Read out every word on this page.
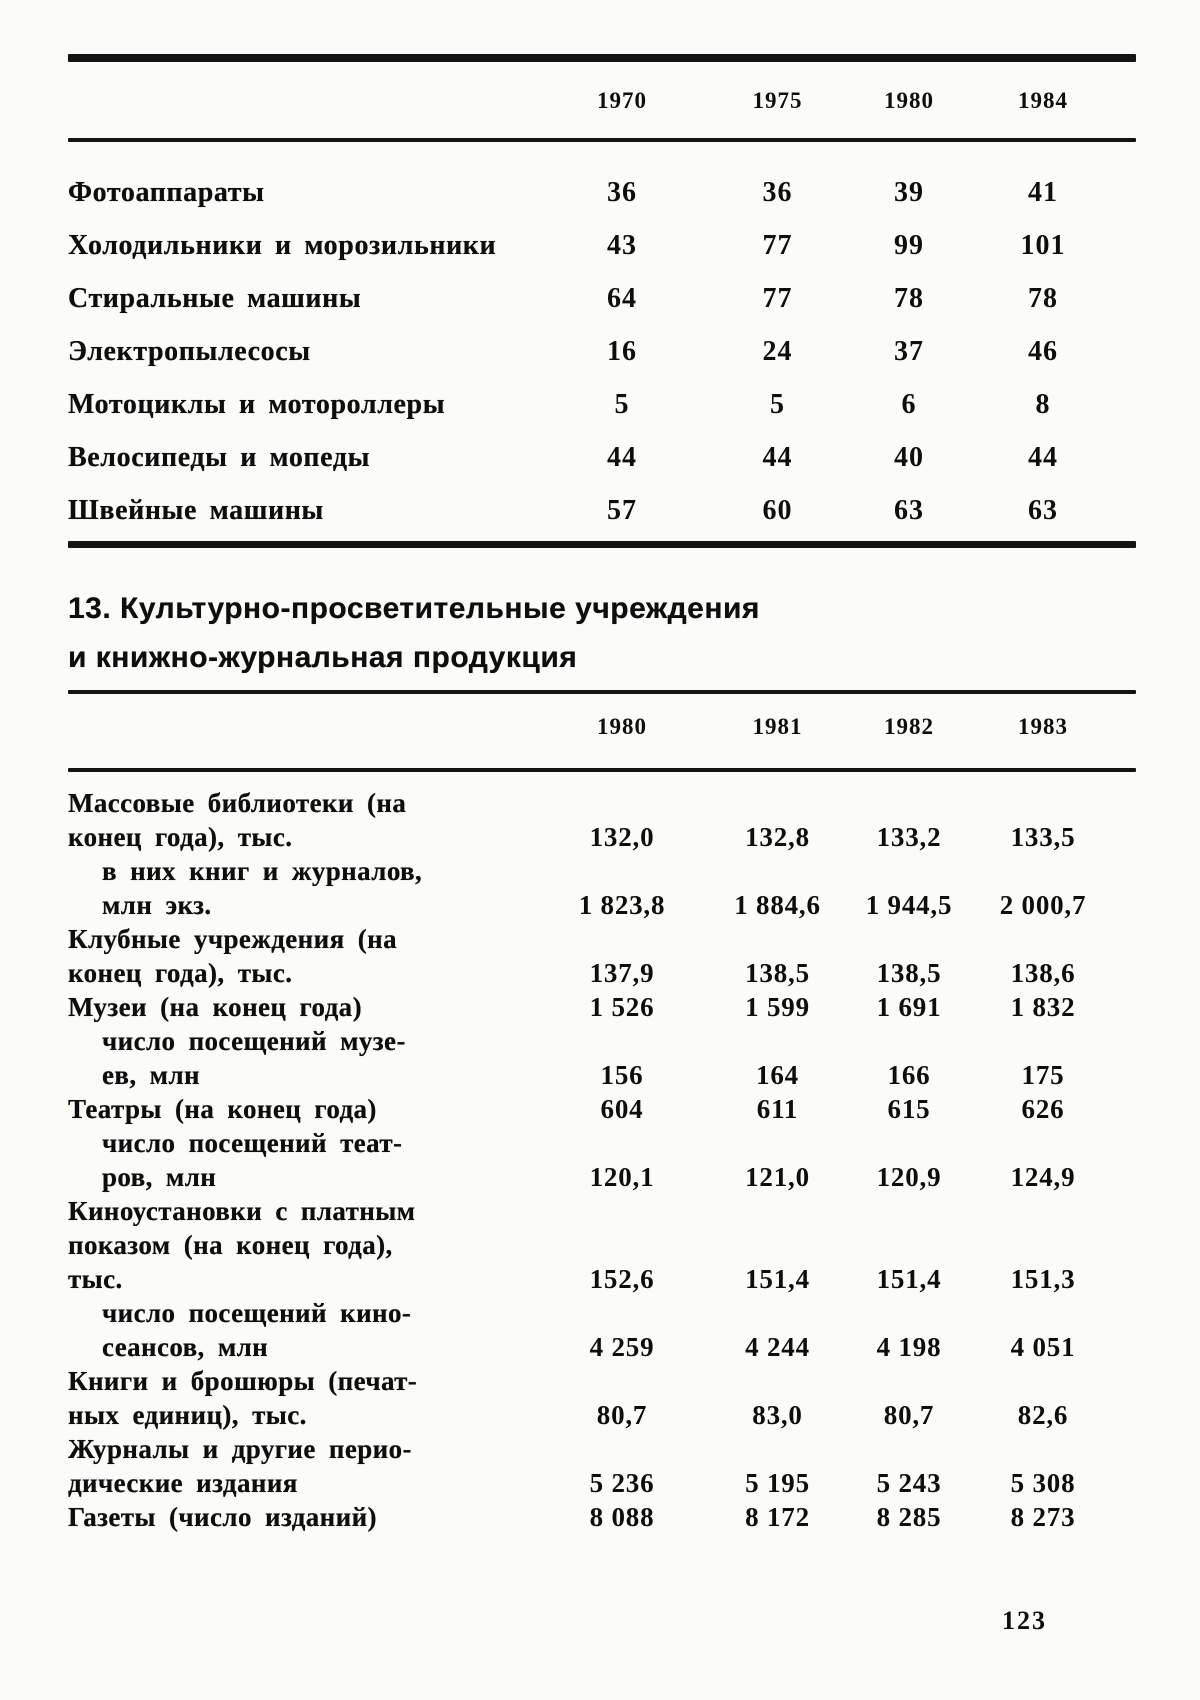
1970	1975	1980	1984
Фотоаппараты	36	36	39	41
Холодильники и морозильники	43	77	99	101
Стиральные машины	64	77	78	78
Электропылесосы	16	24	37	46
Мотоциклы и мотороллеры	5	5	6	8
Велосипеды и мопеды	44	44	40	44
Швейные машины	57	60	63	63
13. Культурно-просветительные учреждения
и книжно-журнальная продукция
1980	1981	1982	1983
Массовые библиотеки (на
конец года), тыс.	132,0	132,8	133,2	133,5
в них книг и журналов,
млн экз.	1 823,8	1 884,6	1 944,5	2 000,7
Клубные учреждения (на
конец года), тыс.	137,9	138,5	138,5	138,6
Музеи (на конец года)	1 526	1 599	1 691	1 832
число посещений музе-
ев, млн	156	164	166	175
Театры (на конец года)	604	611	615	626
число посещений теат-
ров, млн	120,1	121,0	120,9	124,9
Киноустановки с платным
показом (на конец года),
тыс.	152,6	151,4	151,4	151,3
число посещений кино-
сеансов, млн	4 259	4 244	4 198	4 051
Книги и брошюры (печат-
ных единиц), тыс.	80,7	83,0	80,7	82,6
Журналы и другие перио-
дические издания	5 236	5 195	5 243	5 308
Газеты (число изданий)	8 088	8 172	8 285	8 273
123
